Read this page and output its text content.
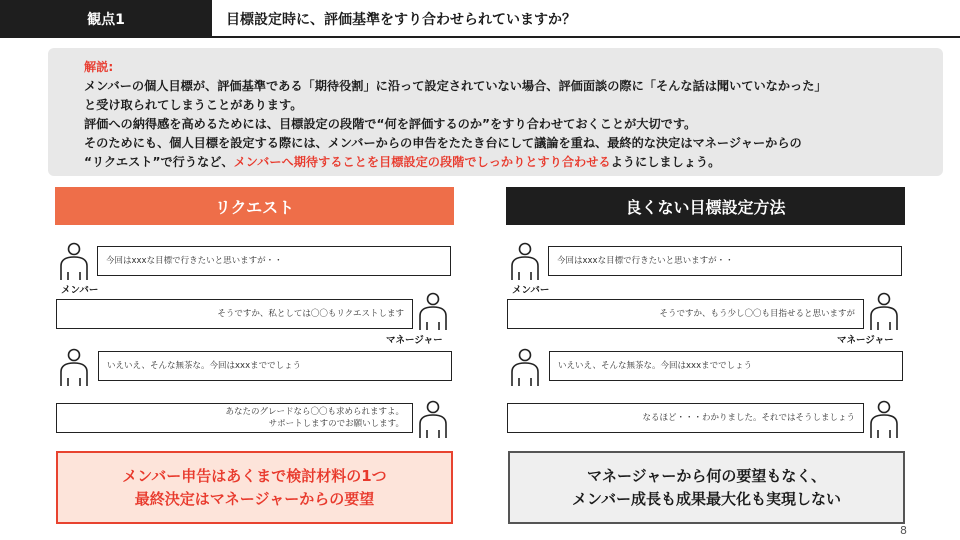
観点1	目標設定時に、評価基準をすり合わせられていますか？
解説:
メンバーの個人目標が、評価基準である「期待役割」に沿って設定されていない場合、評価面談の際に「そんな話は聞いていなかった」
と受け取られてしまうことがあります。
評価への納得感を高めるためには、目標設定の段階で“何を評価するのか”をすり合わせておくことが大切です。
そのためにも、個人目標を設定する際には、メンバーからの申告をたたき台にして議論を重ね、最終的な決定はマネージャーからの
“リクエスト”で行うなど、メンバーへ期待することを目標設定の段階でしっかりとすり合わせるようにしましょう。
リクエスト	良くない目標設定方法
メンバー
今回はxxxな目標で行きたいと思いますが・・
そうですか、私としては〇〇もリクエストします
マネージャー
いえいえ、そんな無茶な。今回はxxxまででしょう
あなたのグレードなら〇〇も求められますよ。
サポートしますのでお願いします。
メンバー申告はあくまで検討材料の1つ
最終決定はマネージャーからの要望
メンバー
今回はxxxな目標で行きたいと思いますが・・
そうですか、もう少し〇〇も目指せると思いますが
マネージャー
いえいえ、そんな無茶な。今回はxxxまででしょう
なるほど・・・わかりました。それではそうしましょう
マネージャーから何の要望もなく、
メンバー成長も成果最大化も実現しない
8
